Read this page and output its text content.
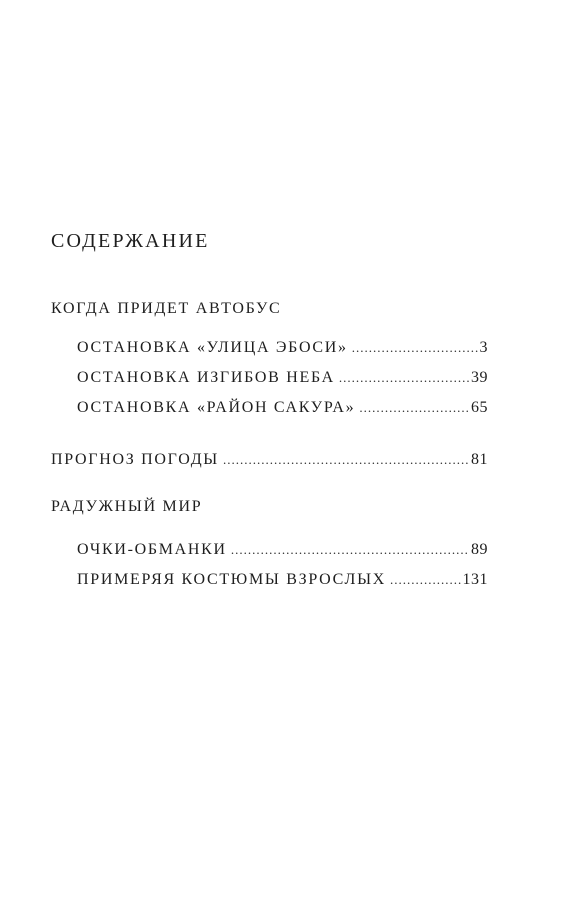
СОДЕРЖАНИЕ
КОГДА ПРИДЕТ АВТОБУС
ОСТАНОВКА «УЛИЦА ЭБОСИ» .....	3
ОСТАНОВКА ИЗГИБОВ НЕБА .....	39
ОСТАНОВКА «РАЙОН САКУРА» .....	65
ПРОГНОЗ ПОГОДЫ .....	81
РАДУЖНЫЙ МИР
ОЧКИ-ОБМАНКИ .....	89
ПРИМЕРЯЯ КОСТЮМЫ ВЗРОСЛЫХ .....	131
